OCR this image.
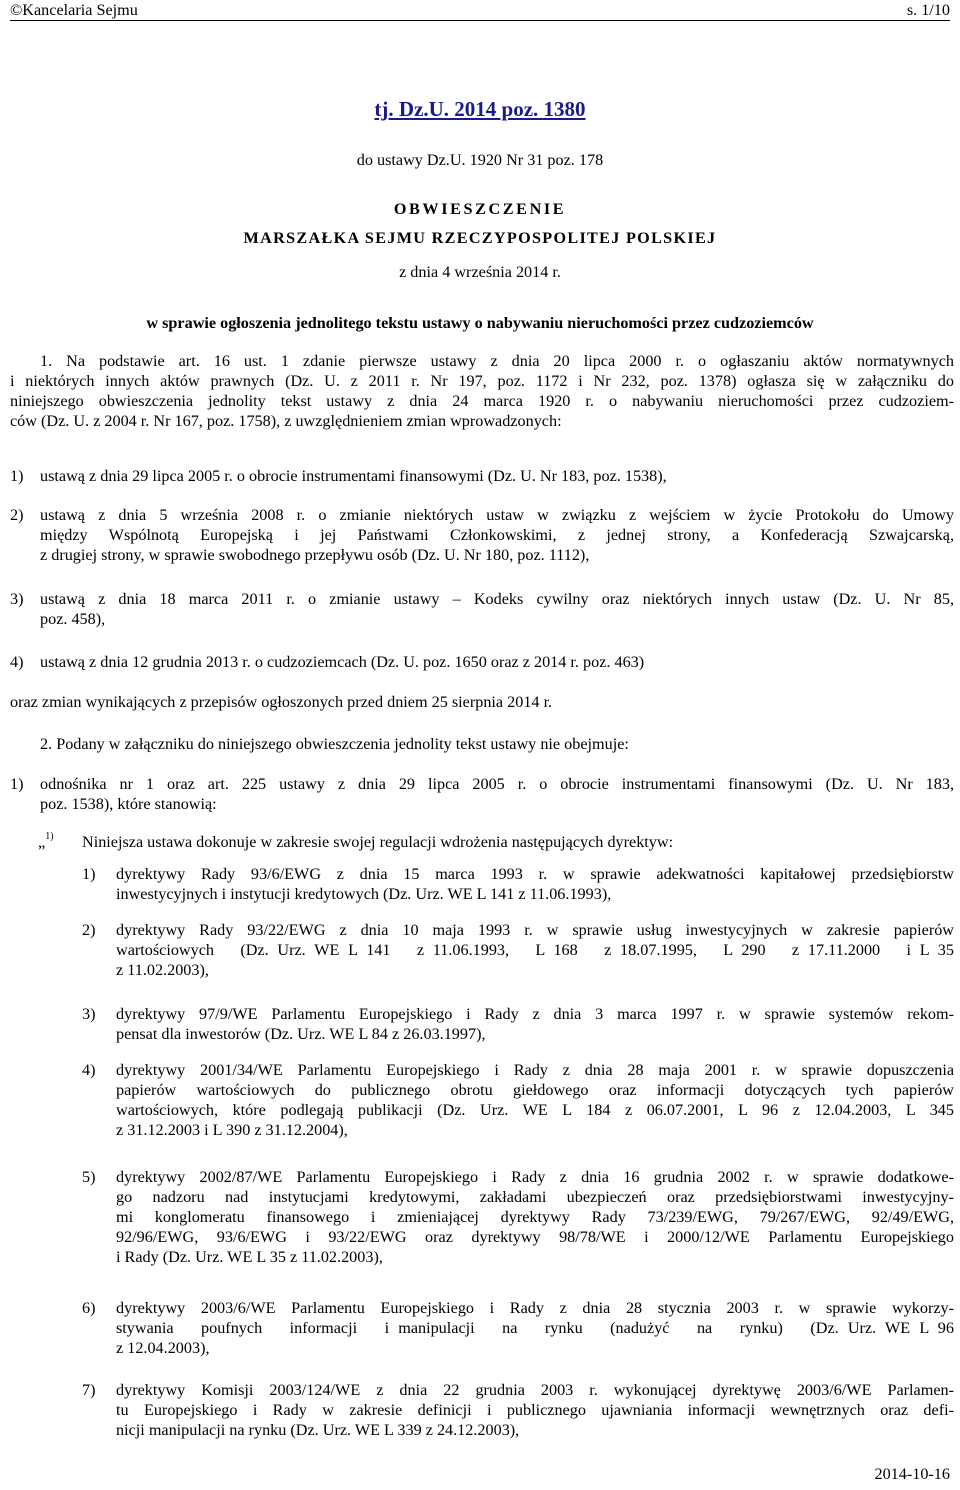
©Kancelaria Sejmu	s. 1/10
tj. Dz.U. 2014 poz. 1380
do ustawy Dz.U. 1920 Nr 31 poz. 178
OBWIESZCZENIE
MARSZAŁKA SEJMU RZECZYPOSPOLITEJ POLSKIEJ
z dnia 4 września 2014 r.
w sprawie ogłoszenia jednolitego tekstu ustawy o nabywaniu nieruchomości przez cudzoziemców
1. Na podstawie art. 16 ust. 1 zdanie pierwsze ustawy z dnia 20 lipca 2000 r. o ogłaszaniu aktów normatywnych
i niektórych innych aktów prawnych (Dz. U. z 2011 r. Nr 197, poz. 1172 i Nr 232, poz. 1378) ogłasza się w załączniku do
niniejszego obwieszczenia jednolity tekst ustawy z dnia 24 marca 1920 r. o nabywaniu nieruchomości przez cudzoziem-
ców (Dz. U. z 2004 r. Nr 167, poz. 1758), z uwzględnieniem zmian wprowadzonych:
1) ustawą z dnia 29 lipca 2005 r. o obrocie instrumentami finansowymi (Dz. U. Nr 183, poz. 1538),
2) ustawą z dnia 5 września 2008 r. o zmianie niektórych ustaw w związku z wejściem w życie Protokołu do Umowy
między Wspólnotą Europejską i jej Państwami Członkowskimi, z jednej strony, a Konfederacją Szwajcarską,
z drugiej strony, w sprawie swobodnego przepływu osób (Dz. U. Nr 180, poz. 1112),
3) ustawą z dnia 18 marca 2011 r. o zmianie ustawy – Kodeks cywilny oraz niektórych innych ustaw (Dz. U. Nr 85,
poz. 458),
4) ustawą z dnia 12 grudnia 2013 r. o cudzoziemcach (Dz. U. poz. 1650 oraz z 2014 r. poz. 463)
oraz zmian wynikających z przepisów ogłoszonych przed dniem 25 sierpnia 2014 r.
2. Podany w załączniku do niniejszego obwieszczenia jednolity tekst ustawy nie obejmuje:
1) odnośnika nr 1 oraz art. 225 ustawy z dnia 29 lipca 2005 r. o obrocie instrumentami finansowymi (Dz. U. Nr 183,
poz. 1538), które stanowią:
„$^{1)}$ Niniejsza ustawa dokonuje w zakresie swojej regulacji wdrożenia następujących dyrektyw:
1) dyrektywy Rady 93/6/EWG z dnia 15 marca 1993 r. w sprawie adekwatności kapitałowej przedsiębiorstw
inwestycyjnych i instytucji kredytowych (Dz. Urz. WE L 141 z 11.06.1993),
2) dyrektywy Rady 93/22/EWG z dnia 10 maja 1993 r. w sprawie usług inwestycyjnych w zakresie papierów
wartościowych   (Dz. Urz. WE L 141   z 11.06.1993,   L 168   z 18.07.1995,   L 290   z 17.11.2000   i L 35
z 11.02.2003),
3) dyrektywy 97/9/WE Parlamentu Europejskiego i Rady z dnia 3 marca 1997 r. w sprawie systemów rekom-
pensat dla inwestorów (Dz. Urz. WE L 84 z 26.03.1997),
4) dyrektywy 2001/34/WE Parlamentu Europejskiego i Rady z dnia 28 maja 2001 r. w sprawie dopuszczenia
papierów wartościowych do publicznego obrotu giełdowego oraz informacji dotyczących tych papierów
wartościowych, które podlegają publikacji (Dz. Urz. WE L 184 z 06.07.2001, L 96 z 12.04.2003, L 345
z 31.12.2003 i L 390 z 31.12.2004),
5) dyrektywy 2002/87/WE Parlamentu Europejskiego i Rady z dnia 16 grudnia 2002 r. w sprawie dodatkowe-
go nadzoru nad instytucjami kredytowymi, zakładami ubezpieczeń oraz przedsiębiorstwami inwestycyjny-
mi konglomeratu finansowego i zmieniającej dyrektywy Rady 73/239/EWG, 79/267/EWG, 92/49/EWG,
92/96/EWG, 93/6/EWG i 93/22/EWG oraz dyrektywy 98/78/WE i 2000/12/WE Parlamentu Europejskiego
i Rady (Dz. Urz. WE L 35 z 11.02.2003),
6) dyrektywy 2003/6/WE Parlamentu Europejskiego i Rady z dnia 28 stycznia 2003 r. w sprawie wykorzy-
stywania   poufnych   informacji   i manipulacji   na   rynku   (nadużyć   na   rynku)   (Dz. Urz. WE L 96
z 12.04.2003),
7) dyrektywy Komisji 2003/124/WE z dnia 22 grudnia 2003 r. wykonującej dyrektywę 2003/6/WE Parlamen-
tu Europejskiego i Rady w zakresie definicji i publicznego ujawniania informacji wewnętrznych oraz defi-
nicji manipulacji na rynku (Dz. Urz. WE L 339 z 24.12.2003),
2014-10-16
